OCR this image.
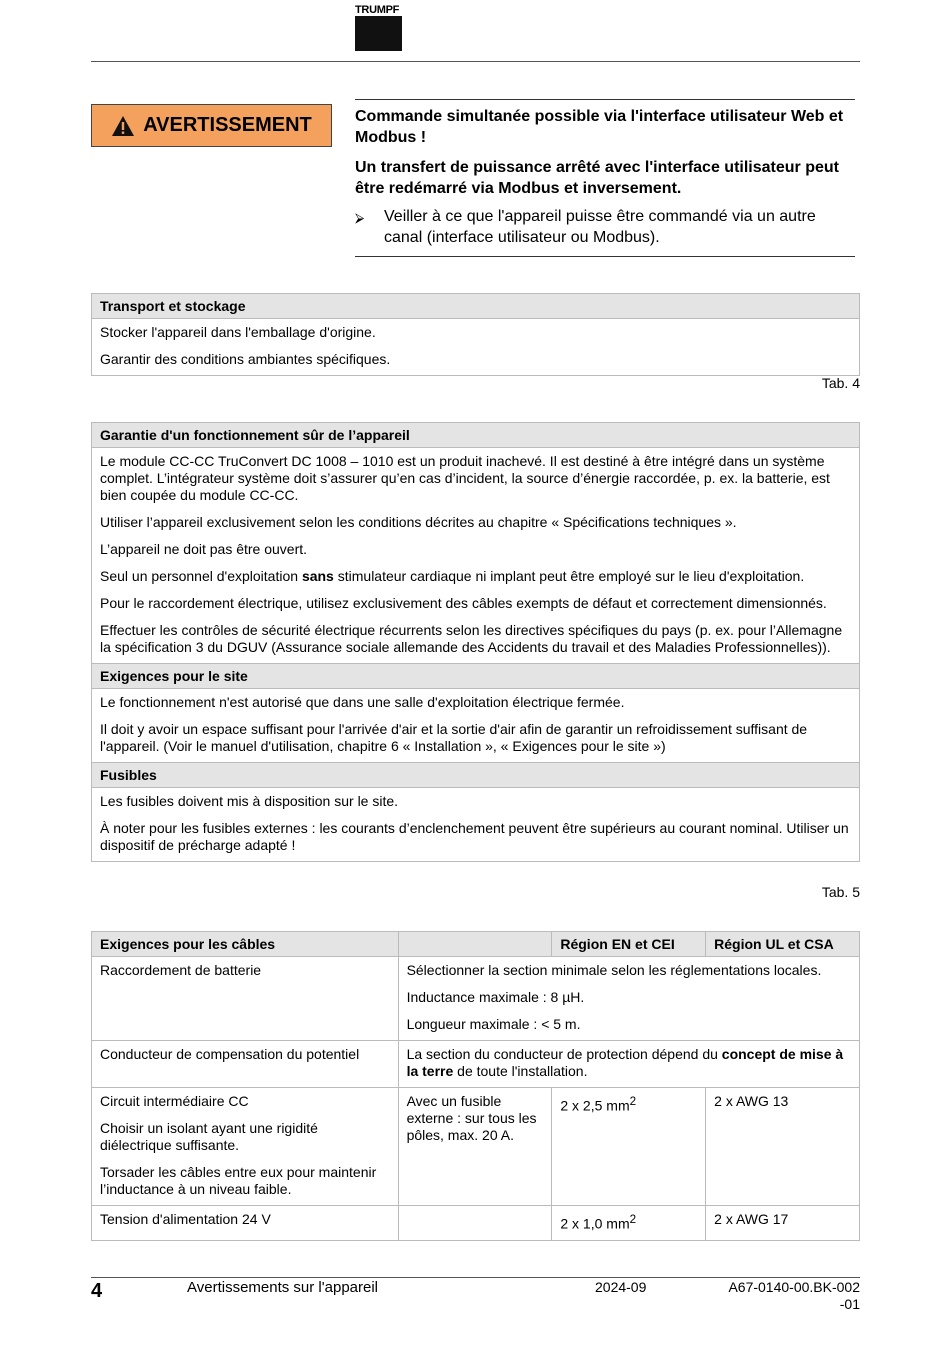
TRUMPF
AVERTISSEMENT	Commande simultanée possible via l'interface utilisateur Web et Modbus !

Un transfert de puissance arrêté avec l'interface utilisateur peut être redémarré via Modbus et inversement.

⮚	Veiller à ce que l'appareil puisse être commandé via un autre canal (interface utilisateur ou Modbus).
Transport et stockage

Stocker l'appareil dans l'emballage d'origine.

Garantir des conditions ambiantes spécifiques.

Tab. 4
Garantie d'un fonctionnement sûr de l’appareil

Le module CC-CC TruConvert DC 1008 – 1010 est un produit inachevé. Il est destiné à être intégré dans un système complet. L’intégrateur système doit s’assurer qu’en cas d’incident, la source d’énergie raccordée, p. ex. la batterie, est bien coupée du module CC-CC.

Utiliser l’appareil exclusivement selon les conditions décrites au chapitre « Spécifications techniques ».

L’appareil ne doit pas être ouvert.

Seul un personnel d'exploitation sans stimulateur cardiaque ni implant peut être employé sur le lieu d'exploitation.

Pour le raccordement électrique, utilisez exclusivement des câbles exempts de défaut et correctement dimensionnés.

Effectuer les contrôles de sécurité électrique récurrents selon les directives spécifiques du pays (p. ex. pour l’Allemagne la spécification 3 du DGUV (Assurance sociale allemande des Accidents du travail et des Maladies Professionnelles)).

Exigences pour le site

Le fonctionnement n'est autorisé que dans une salle d'exploitation électrique fermée.

Il doit y avoir un espace suffisant pour l'arrivée d'air et la sortie d'air afin de garantir un refroidissement suffisant de l'appareil. (Voir le manuel d'utilisation, chapitre 6 « Installation », « Exigences pour le site »)

Fusibles

Les fusibles doivent mis à disposition sur le site.

À noter pour les fusibles externes : les courants d’enclenchement peuvent être supérieurs au courant nominal. Utiliser un dispositif de précharge adapté !

Tab. 5
Exigences pour les câbles		Région EN et CEI	Région UL et CSA

Raccordement de batterie	Sélectionner la section minimale selon les réglementations locales.

Inductance maximale : 8 µH.

Longueur maximale : < 5 m.		

Conducteur de compensation du potentiel	La section du conducteur de protection dépend du concept de mise à la terre de toute l'installation.		

Circuit intermédiaire CC

Choisir un isolant ayant une rigidité diélectrique suffisante.

Torsader les câbles entre eux pour maintenir l’inductance à un niveau faible.	Avec un fusible externe : sur tous les pôles, max. 20 A.	2 x 2,5 $mm^2$	2 x AWG 13

Tension d'alimentation 24 V		2 x 1,0 $mm^2$	2 x AWG 17

4	Avertissements sur l'appareil	2024-09	A67-0140-00.BK-002
-01
